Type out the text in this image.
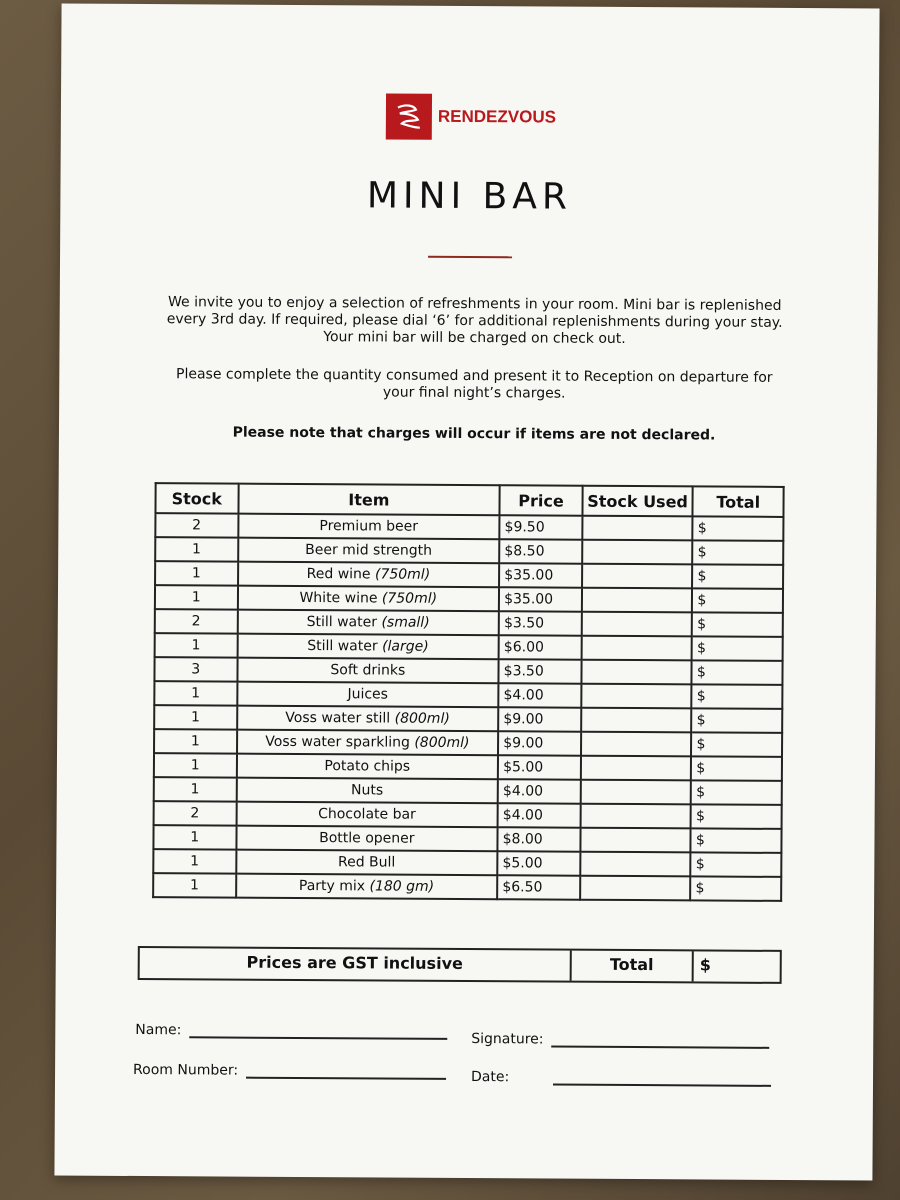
RENDEZVOUS
MINI BAR
We invite you to enjoy a selection of refreshments in your room. Mini bar is replenished every 3rd day. If required, please dial ‘6’ for additional replenishments during your stay. Your mini bar will be charged on check out.
Please complete the quantity consumed and present it to Reception on departure for your final night’s charges.
Please note that charges will occur if items are not declared.
Stock	Item	Price	Stock Used	Total
2	Premium beer	$9.50		$
1	Beer mid strength	$8.50		$
1	Red wine (750ml)	$35.00		$
1	White wine (750ml)	$35.00		$
2	Still water (small)	$3.50		$
1	Still water (large)	$6.00		$
3	Soft drinks	$3.50		$
1	Juices	$4.00		$
1	Voss water still (800ml)	$9.00		$
1	Voss water sparkling (800ml)	$9.00		$
1	Potato chips	$5.00		$
1	Nuts	$4.00		$
2	Chocolate bar	$4.00		$
1	Bottle opener	$8.00		$
1	Red Bull	$5.00		$
1	Party mix (180 gm)	$6.50		$
Prices are GST inclusive	Total	$
Name:
Signature:
Room Number:	Date:
